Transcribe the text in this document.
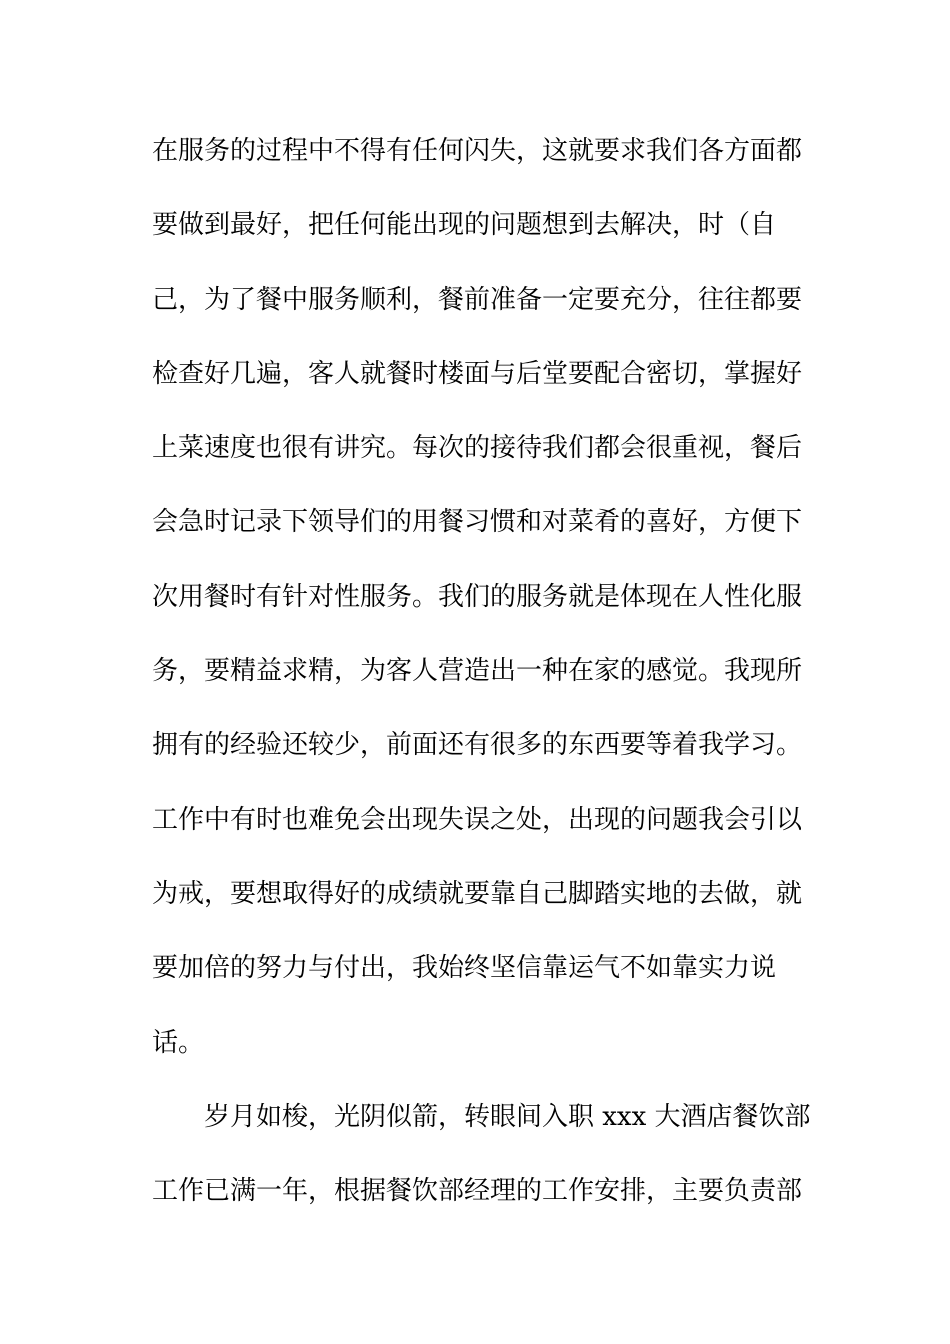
在服务的过程中不得有任何闪失，这就要求我们各方面都
要做到最好，把任何能出现的问题想到去解决，时（自
己，为了餐中服务顺利，餐前准备一定要充分，往往都要
检查好几遍，客人就餐时楼面与后堂要配合密切，掌握好
上菜速度也很有讲究。每次的接待我们都会很重视，餐后
会急时记录下领导们的用餐习惯和对菜肴的喜好，方便下
次用餐时有针对性服务。我们的服务就是体现在人性化服
务，要精益求精，为客人营造出一种在家的感觉。我现所
拥有的经验还较少，前面还有很多的东西要等着我学习。
工作中有时也难免会出现失误之处，出现的问题我会引以
为戒，要想取得好的成绩就要靠自己脚踏实地的去做，就
要加倍的努力与付出，我始终坚信靠运气不如靠实力说
话。
岁月如梭，光阴似箭，转眼间入职 xxx 大酒店餐饮部
工作已满一年，根据餐饮部经理的工作安排，主要负责部
